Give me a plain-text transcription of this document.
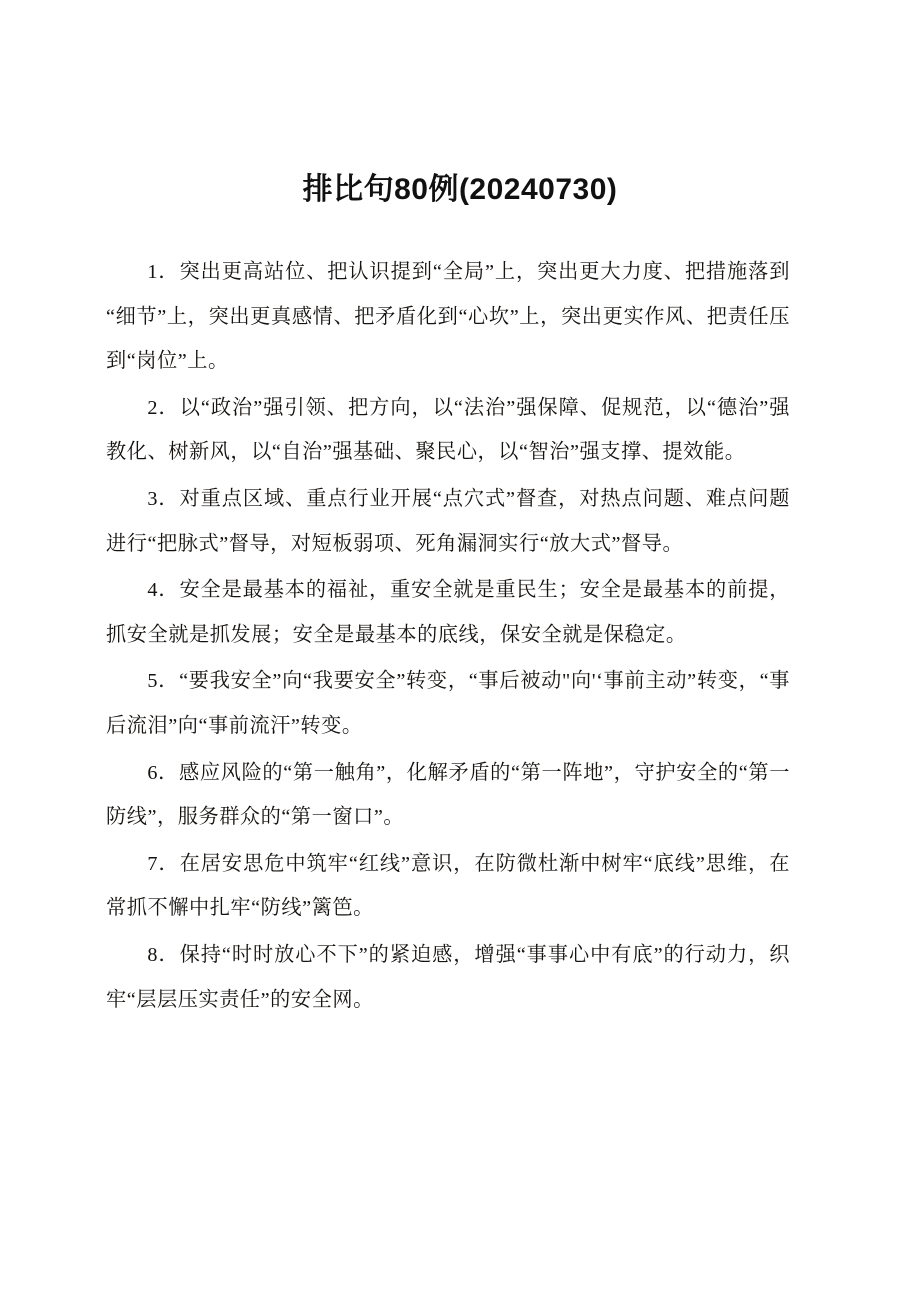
排比句80例(20240730)

1．突出更高站位、把认识提到“全局”上，突出更大力度、把措施落到“细节”上，突出更真感情、把矛盾化到“心坎”上，突出更实作风、把责任压到“岗位”上。

2．以“政治”强引领、把方向，以“法治”强保障、促规范，以“德治”强教化、树新风，以“自治”强基础、聚民心，以“智治”强支撑、提效能。

3．对重点区域、重点行业开展“点穴式”督查，对热点问题、难点问题进行“把脉式”督导，对短板弱项、死角漏洞实行“放大式”督导。

4．安全是最基本的福祉，重安全就是重民生；安全是最基本的前提，抓安全就是抓发展；安全是最基本的底线，保安全就是保稳定。

5．“要我安全”向“我要安全”转变，“事后被动"向'‘事前主动”转变，“事后流泪”向“事前流汗”转变。

6．感应风险的“第一触角”，化解矛盾的“第一阵地”，守护安全的“第一防线”，服务群众的“第一窗口”。

7．在居安思危中筑牢“红线”意识，在防微杜渐中树牢“底线”思维，在常抓不懈中扎牢“防线”篱笆。

8．保持“时时放心不下”的紧迫感，增强“事事心中有底”的行动力，织牢“层层压实责任”的安全网。
